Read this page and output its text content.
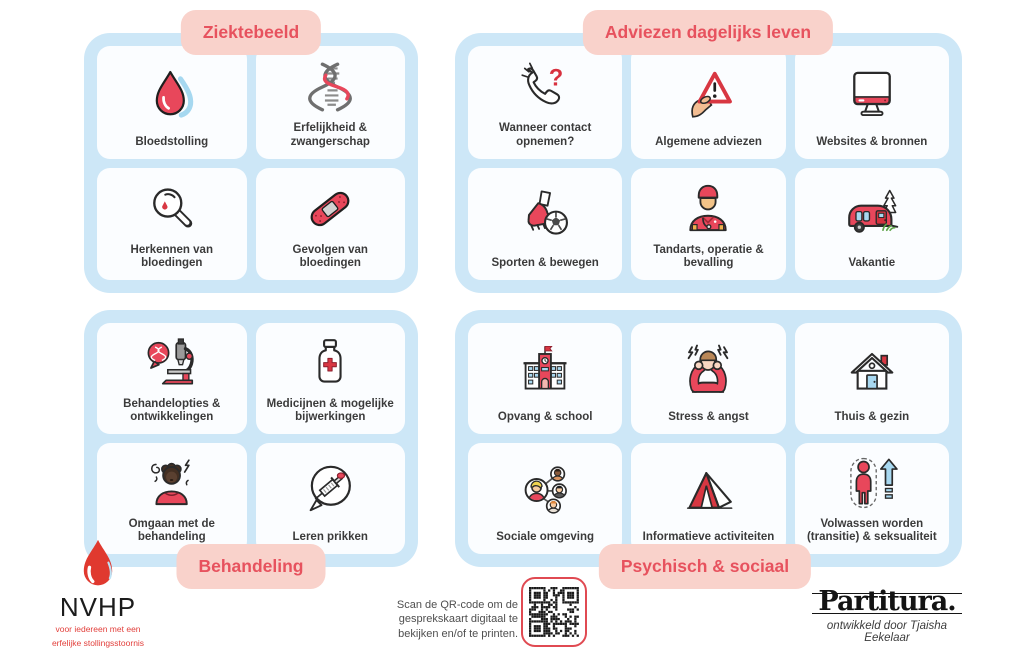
Bloedstolling
Erfelijkheid & zwangerschap
Herkennen van bloedingen
Gevolgen van bloedingen
?
Wanneer contact opnemen?	Algemene adviezen	Websites & bronnen
Sporten & bewegen
Tandarts, operatie & bevalling	Vakantie
Behandelopties & ontwikkelingen
Medicijnen & mogelijke bijwerkingen
Omgaan met de behandeling	Leren prikken
Opvang & school	Stress & angst	Thuis & gezin
Sociale omgeving	Informatieve activiteiten
Volwassen worden (transitie) & seksualiteit
Ziektebeeld	Adviezen dagelijks leven
Behandeling	Psychisch & sociaal
NVHP
voor iedereen met een
erfelijke stollingsstoornis
Scan de QR-code om de gesprekskaart digitaal te bekijken en/of te printen.
Partitura.
ontwikkeld door Tjaisha Eekelaar
